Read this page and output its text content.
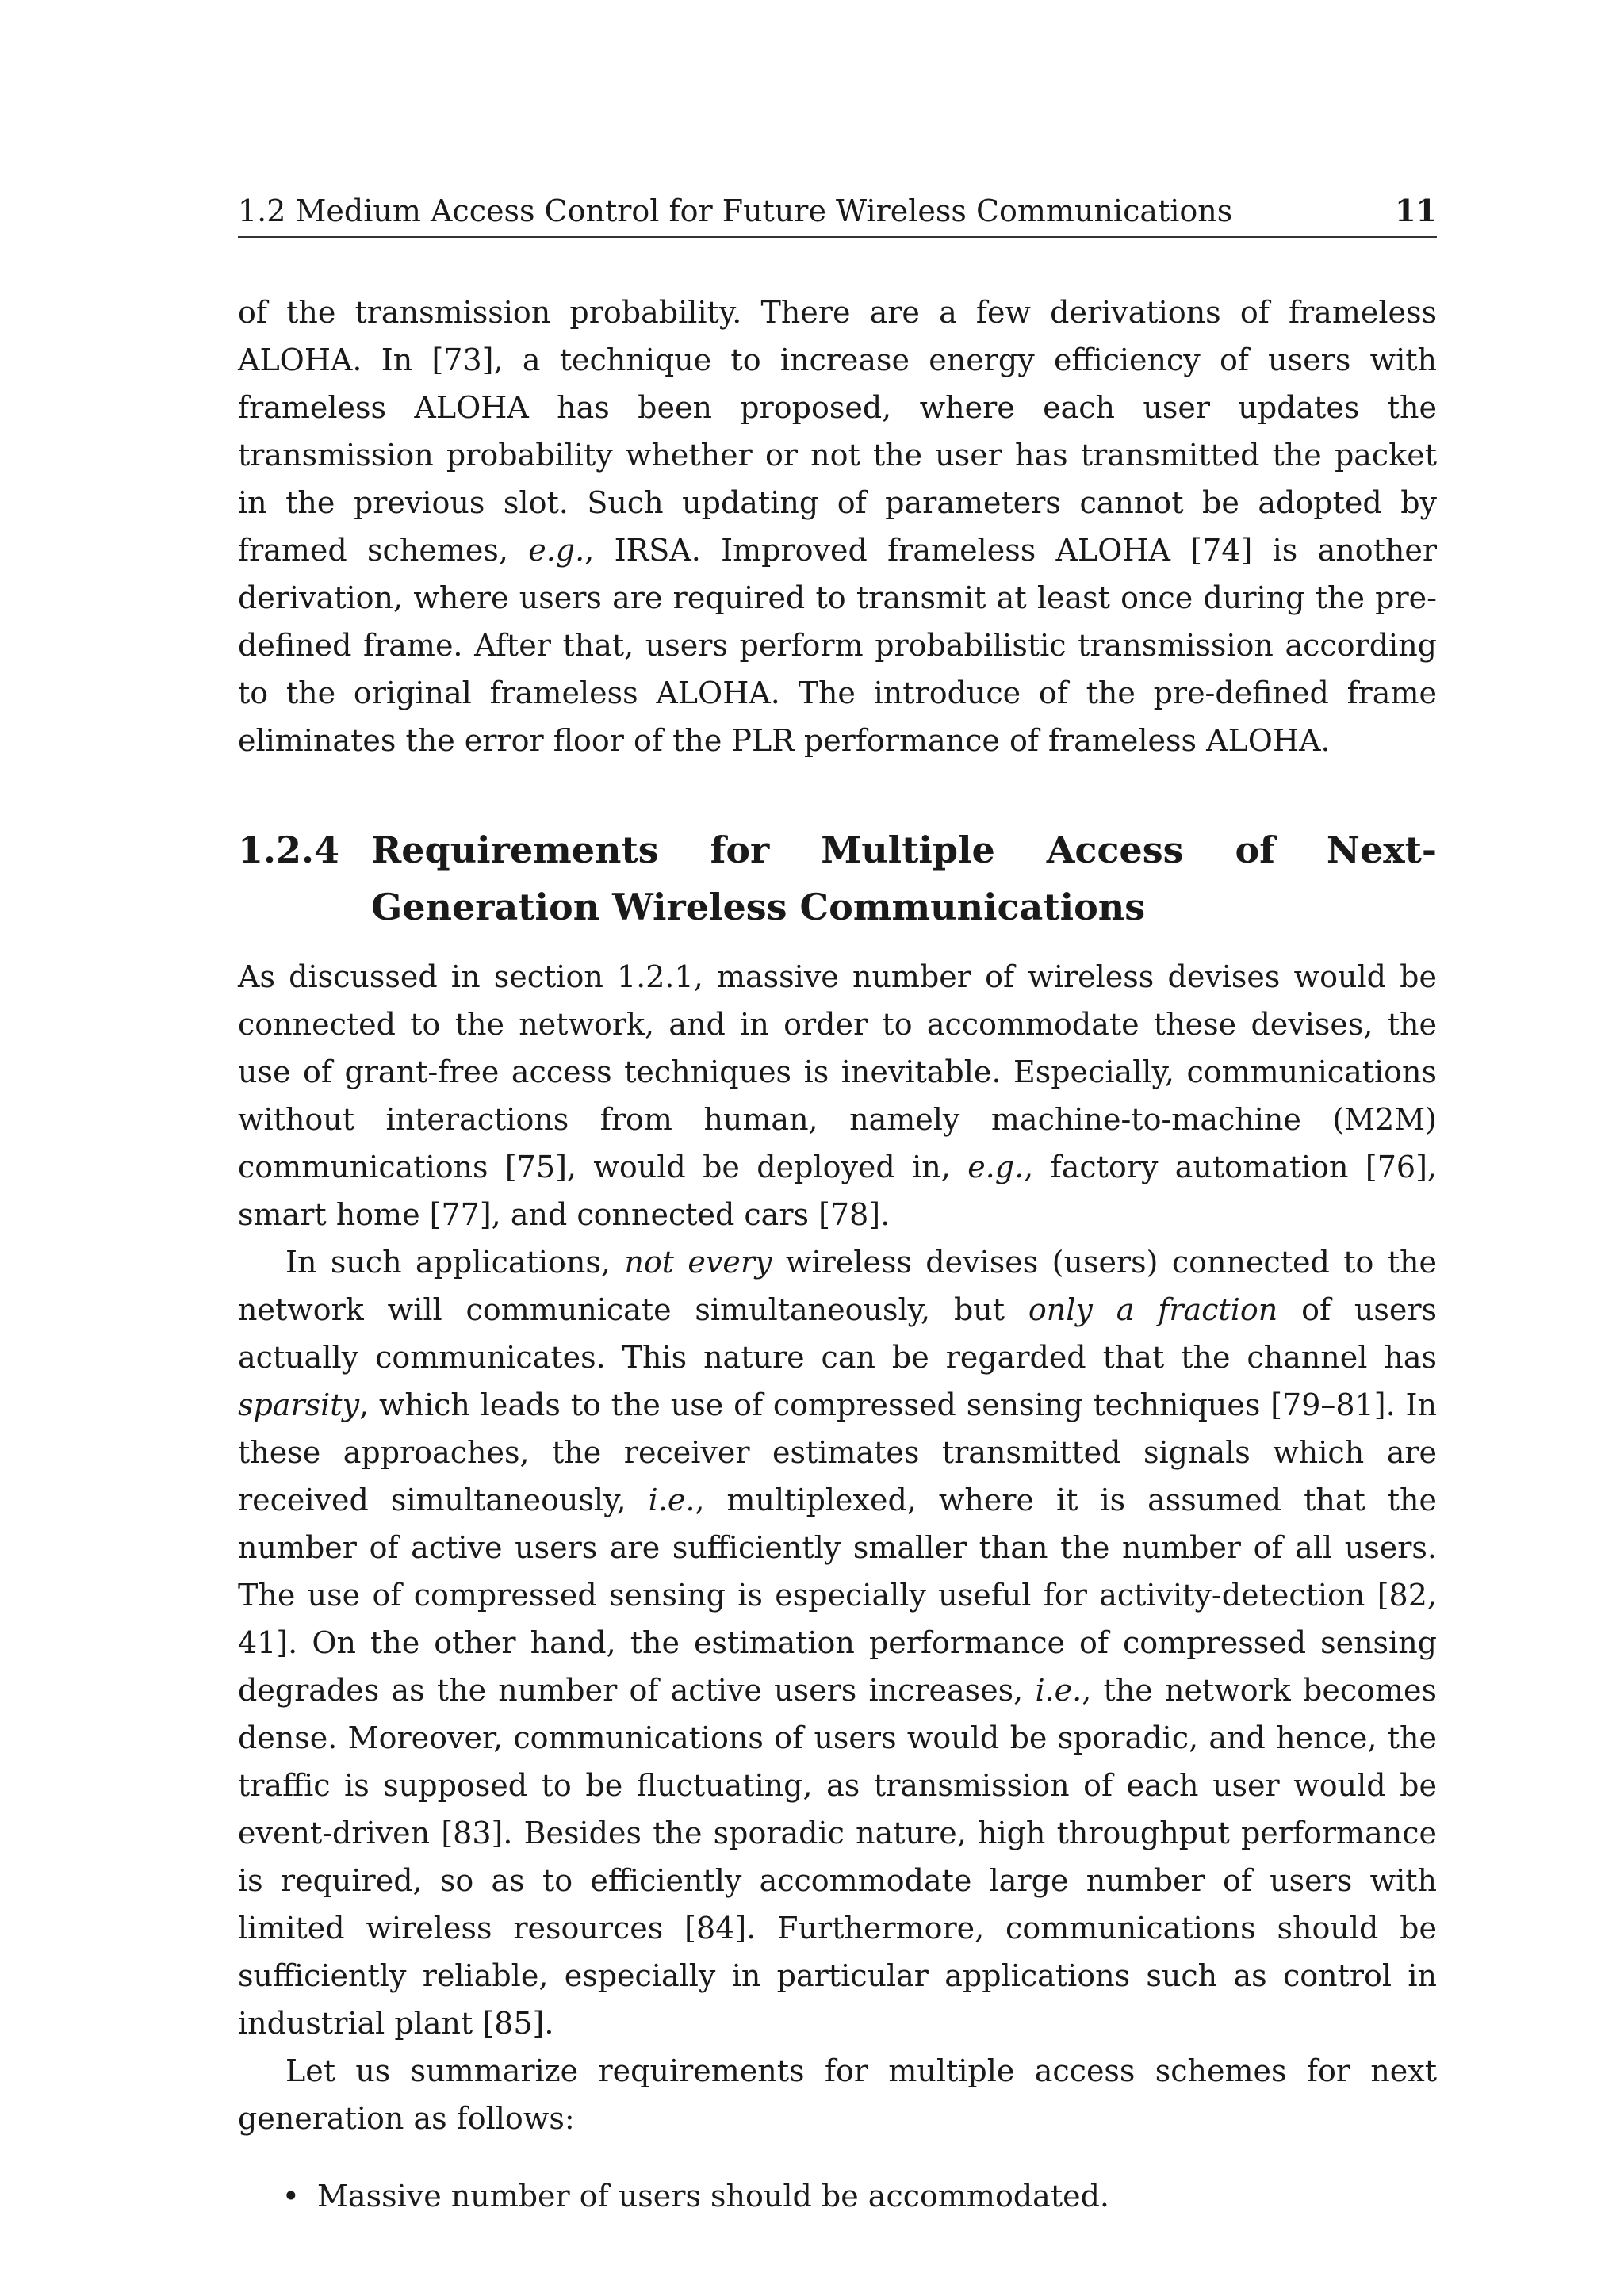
1.2 Medium Access Control for Future Wireless Communications	11

of the transmission probability. There are a few derivations of frameless ALOHA. In [73], a technique to increase energy efficiency of users with frameless ALOHA has been proposed, where each user updates the transmission probability whether or not the user has transmitted the packet in the previous slot. Such updating of parameters cannot be adopted by framed schemes, e.g., IRSA. Improved frameless ALOHA [74] is another derivation, where users are required to transmit at least once during the pre-defined frame. After that, users perform probabilistic transmission according to the original frameless ALOHA. The introduce of the pre-defined frame eliminates the error floor of the PLR performance of frameless ALOHA.

1.2.4 Requirements for Multiple Access of Next-Generation Wireless Communications

As discussed in section 1.2.1, massive number of wireless devises would be connected to the network, and in order to accommodate these devises, the use of grant-free access techniques is inevitable. Especially, communications without interactions from human, namely machine-to-machine (M2M) communications [75], would be deployed in, e.g., factory automation [76], smart home [77], and connected cars [78].

In such applications, not every wireless devises (users) connected to the network will communicate simultaneously, but only a fraction of users actually communicates. This nature can be regarded that the channel has sparsity, which leads to the use of compressed sensing techniques [79–81]. In these approaches, the receiver estimates transmitted signals which are received simultaneously, i.e., multiplexed, where it is assumed that the number of active users are sufficiently smaller than the number of all users. The use of compressed sensing is especially useful for activity-detection [82, 41]. On the other hand, the estimation performance of compressed sensing degrades as the number of active users increases, i.e., the network becomes dense. Moreover, communications of users would be sporadic, and hence, the traffic is supposed to be fluctuating, as transmission of each user would be event-driven [83]. Besides the sporadic nature, high throughput performance is required, so as to efficiently accommodate large number of users with limited wireless resources [84]. Furthermore, communications should be sufficiently reliable, especially in particular applications such as control in industrial plant [85].

Let us summarize requirements for multiple access schemes for next generation as follows:

• Massive number of users should be accommodated.
